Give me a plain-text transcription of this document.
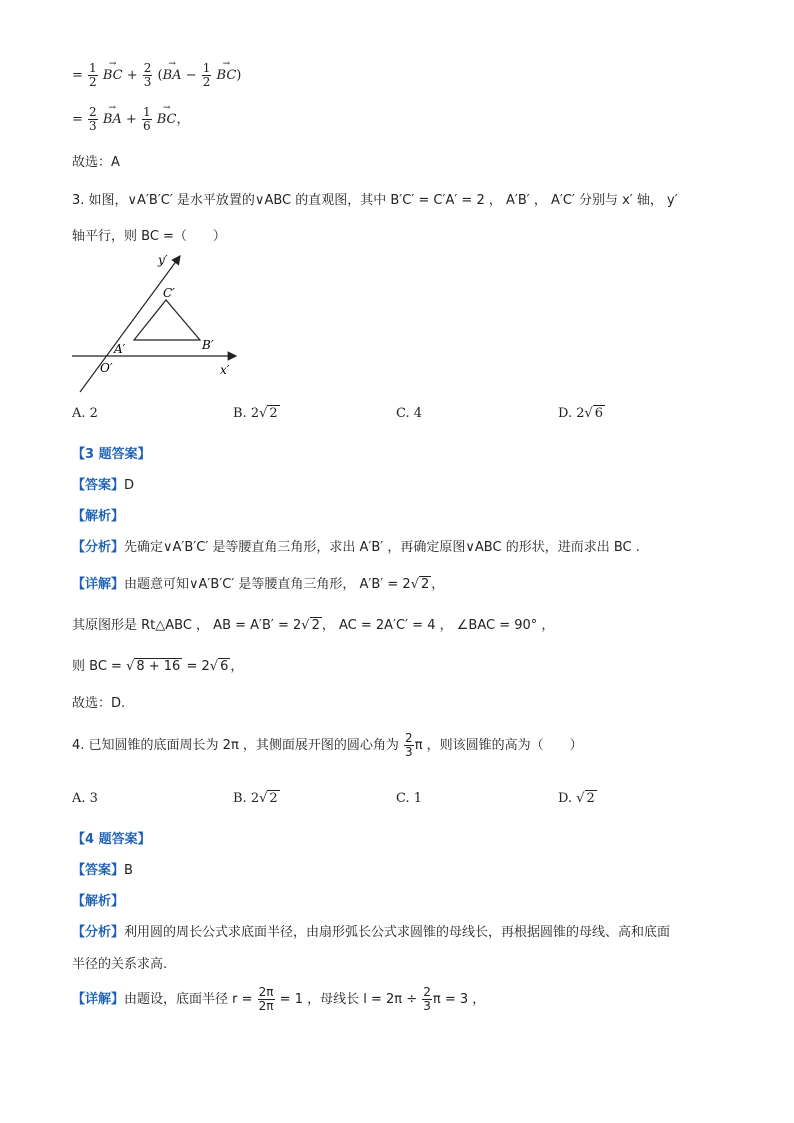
= $\frac{1}{2}$
→ BC + $\frac{2}{3}$ (→ BA − $\frac{1}{2}$
→ BC)
= $\frac{2}{3}$
→ BA + $\frac{1}{6}$
→ BC，
故选：A
3. 如图，∨A′B′C′ 是水平放置的∨ABC 的直观图，其中 B′C′ = C′A′ = 2 ， A′B′ ， A′C′ 分别与 x′ 轴， y′
轴平行，则 BC =（　　）
y′
C′
A′	B′
O′	x′
A. 2	B. 2√ 2	C. 4	D. 2√ 6
【3 题答案】
【答案】D
【解析】
【分析】先确定∨A′B′C′ 是等腰直角三角形，求出 A′B′ ，再确定原图∨ABC 的形状，进而求出 BC .
【详解】由题意可知∨A′B′C′ 是等腰直角三角形， A′B′ = 2√ 2 ，
其原图形是 Rt△ABC ， AB = A′B′ = 2√ 2 ， AC = 2A′C′ = 4 ， ∠BAC = 90° ，
则 BC = √ 8 + 16 = 2√ 6 ，
故选：D.
4. 已知圆锥的底面周长为 2π ，其侧面展开图的圆心角为 $\frac{2}{3}$ π ，则该圆锥的高为（　　）
A. 3	B. 2√ 2	C. 1	D. √ 2
【4 题答案】
【答案】B
【解析】
【分析】利用圆的周长公式求底面半径，由扇形弧长公式求圆锥的母线长，再根据圆锥的母线、高和底面
半径的关系求高.
【详解】由题设，底面半径 $r = \frac{2\pi}{2\pi} = 1$ ，母线长 $l = 2\pi \div \frac{2}{3}$ π = 3 ，
